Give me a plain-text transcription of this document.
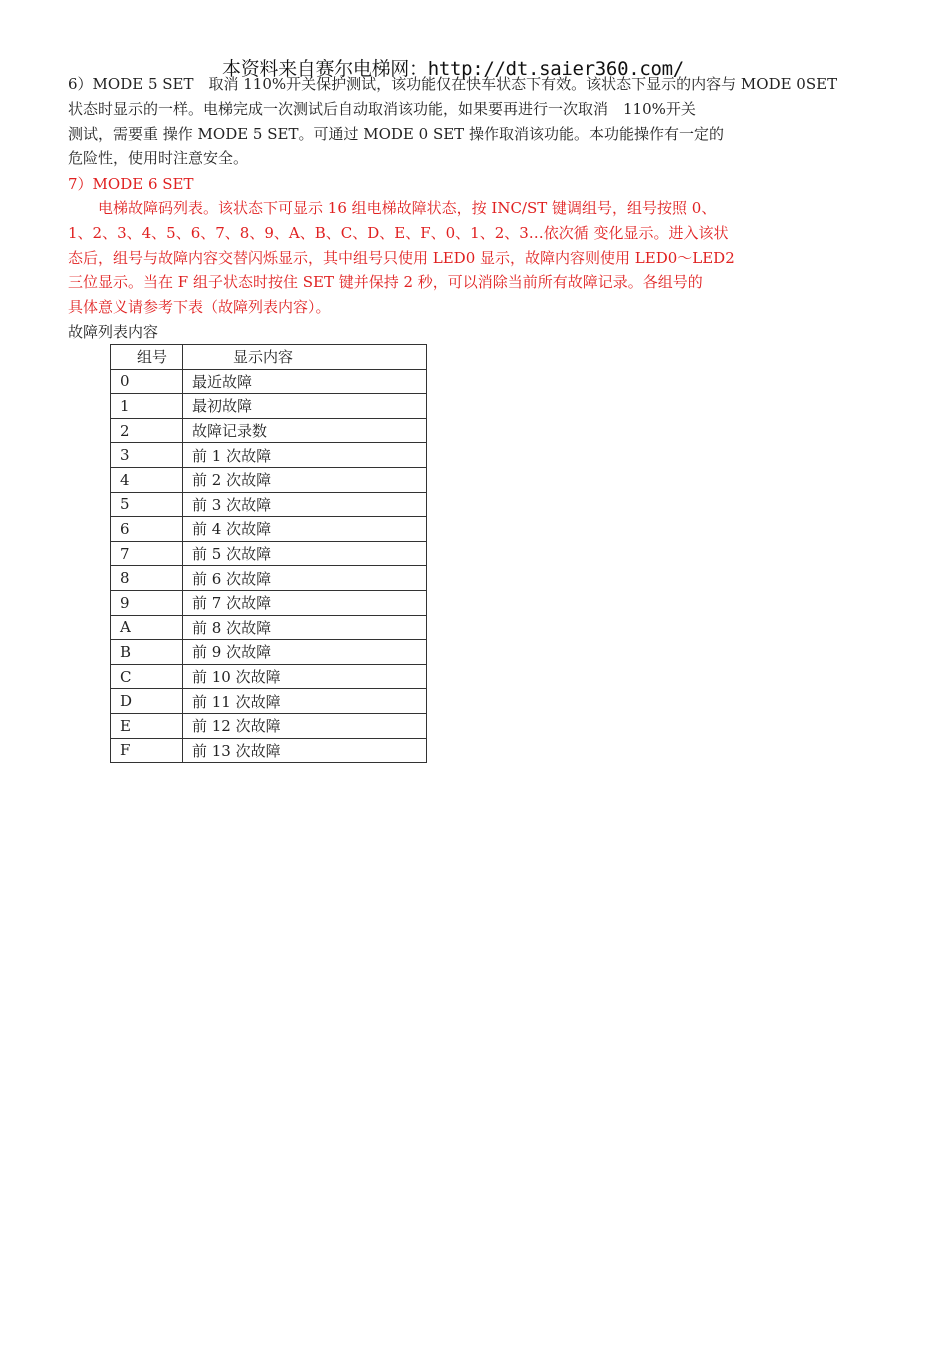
本资料来自赛尔电梯网：http://dt.saier360.com/
6）MODE 5 SET　取消 110%开关保护测试，该功能仅在快车状态下有效。该状态下显示的内容与 MODE 0SET
状态时显示的一样。电梯完成一次测试后自动取消该功能，如果要再进行一次取消　110%开关
测试，需要重 操作 MODE 5 SET。可通过 MODE 0 SET 操作取消该功能。本功能操作有一定的
危险性，使用时注意安全。
7）MODE 6 SET
　　电梯故障码列表。该状态下可显示 16 组电梯故障状态，按 INC/ST 键调组号，组号按照 0、
1、2、3、4、5、6、7、8、9、A、B、C、D、E、F、0、1、2、3…依次循 变化显示。进入该状
态后，组号与故障内容交替闪烁显示，其中组号只使用 LED0 显示，故障内容则使用 LED0～LED2
三位显示。当在 F 组子状态时按住 SET 键并保持 2 秒，可以消除当前所有故障记录。各组号的
具体意义请参考下表（故障列表内容）。
故障列表内容
组号	显示内容
0	最近故障
1	最初故障
2	故障记录数
3	前 1 次故障
4	前 2 次故障
5	前 3 次故障
6	前 4 次故障
7	前 5 次故障
8	前 6 次故障
9	前 7 次故障
A	前 8 次故障
B	前 9 次故障
C	前 10 次故障
D	前 11 次故障
E	前 12 次故障
F	前 13 次故障
